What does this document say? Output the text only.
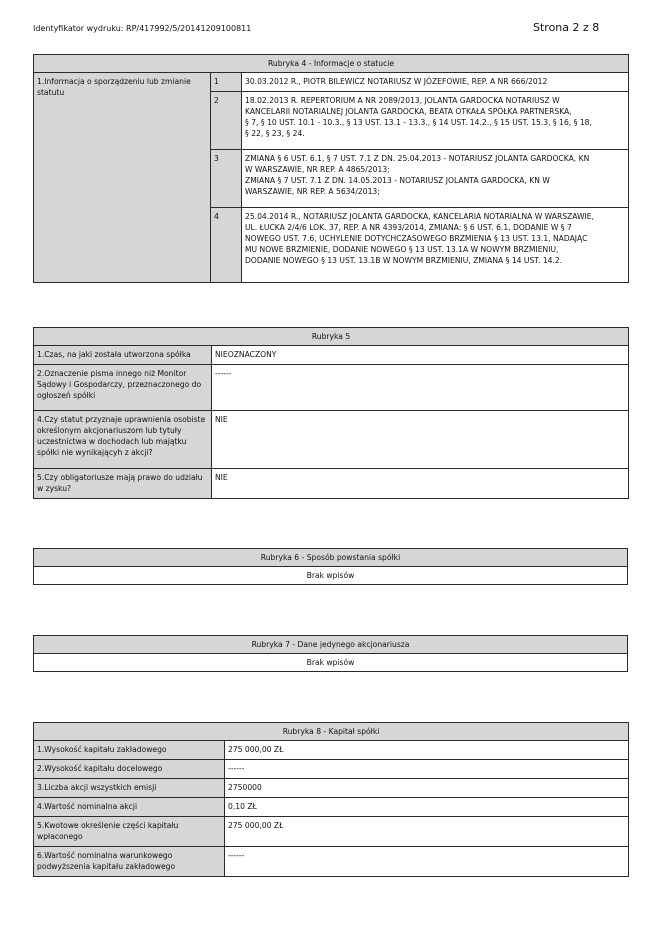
Identyfikator wydruku: RP/417992/5/20141209100811	Strona 2 z 8
Rubryka 4 - Informacje o statucie		
1.Informacja o sporządzeniu lub zmianie statutu	1	30.03.2012 R., PIOTR BILEWICZ NOTARIUSZ W JÓZEFOWIE, REP. A NR 666/2012

	2	18.02.2013 R. REPERTORIUM A NR 2089/2013, JOLANTA GARDOCKA NOTARIUSZ W
KANCELARII NOTARIALNEJ JOLANTA GARDOCKA, BEATA OTKAŁA SPÓŁKA PARTNERSKA,
§ 7, § 10 UST. 10.1 - 10.3., § 13 UST. 13.1 - 13.3., § 14 UST. 14.2., § 15 UST. 15.3, § 16, § 18,
§ 22, § 23, § 24.

	3	ZMIANA § 6 UST. 6.1, § 7 UST. 7.1 Z DN. 25.04.2013 - NOTARIUSZ JOLANTA GARDOCKA, KN
W WARSZAWIE, NR REP. A 4865/2013;
ZMIANA § 7 UST. 7.1 Z DN. 14.05.2013 - NOTARIUSZ JOLANTA GARDOCKA, KN W
WARSZAWIE, NR REP. A 5634/2013;

	4	25.04.2014 R., NOTARIUSZ JOLANTA GARDOCKA, KANCELARIA NOTARIALNA W WARSZAWIE,
UL. ŁUCKA 2/4/6 LOK. 37, REP. A NR 4393/2014, ZMIANA: § 6 UST. 6.1, DODANIE W § 7
NOWEGO UST. 7.6, UCHYLENIE DOTYCHCZASOWEGO BRZMIENIA § 13 UST. 13.1, NADAJĄC
MU NOWE BRZMIENIE, DODANIE NOWEGO § 13 UST. 13.1A W NOWYM BRZMIENIU,
DODANIE NOWEGO § 13 UST. 13.1B W NOWYM BRZMIENIU, ZMIANA § 14 UST. 14.2.
Rubryka 5	
1.Czas, na jaki została utworzona spółka	NIEOZNACZONY
2.Oznaczenie pisma innego niż Monitor Sądowy i Gospodarczy, przeznaczonego do ogłoszeń spółki	------
4.Czy statut przyznaje uprawnienia osobiste określonym akcjonariuszom lub tytuły uczestnictwa w dochodach lub majątku spółki nie wynikającyh z akcji?	NIE
5.Czy obligatoriusze mają prawo do udziału w zysku?	NIE
Rubryka 6 - Sposób powstania spółki
Brak wpisów
Rubryka 7 - Dane jedynego akcjonariusza
Brak wpisów
Rubryka 8 - Kapitał spółki	
1.Wysokość kapitału zakładowego	275 000,00 ZŁ
2.Wysokość kapitału docelowego	------
3.Liczba akcji wszystkich emisji	2750000
4.Wartość nominalna akcji	0,10 ZŁ
5.Kwotowe określenie części kapitału wpłaconego	275 000,00 ZŁ
6.Wartość nominalna warunkowego podwyższenia kapitału zakładowego	------
